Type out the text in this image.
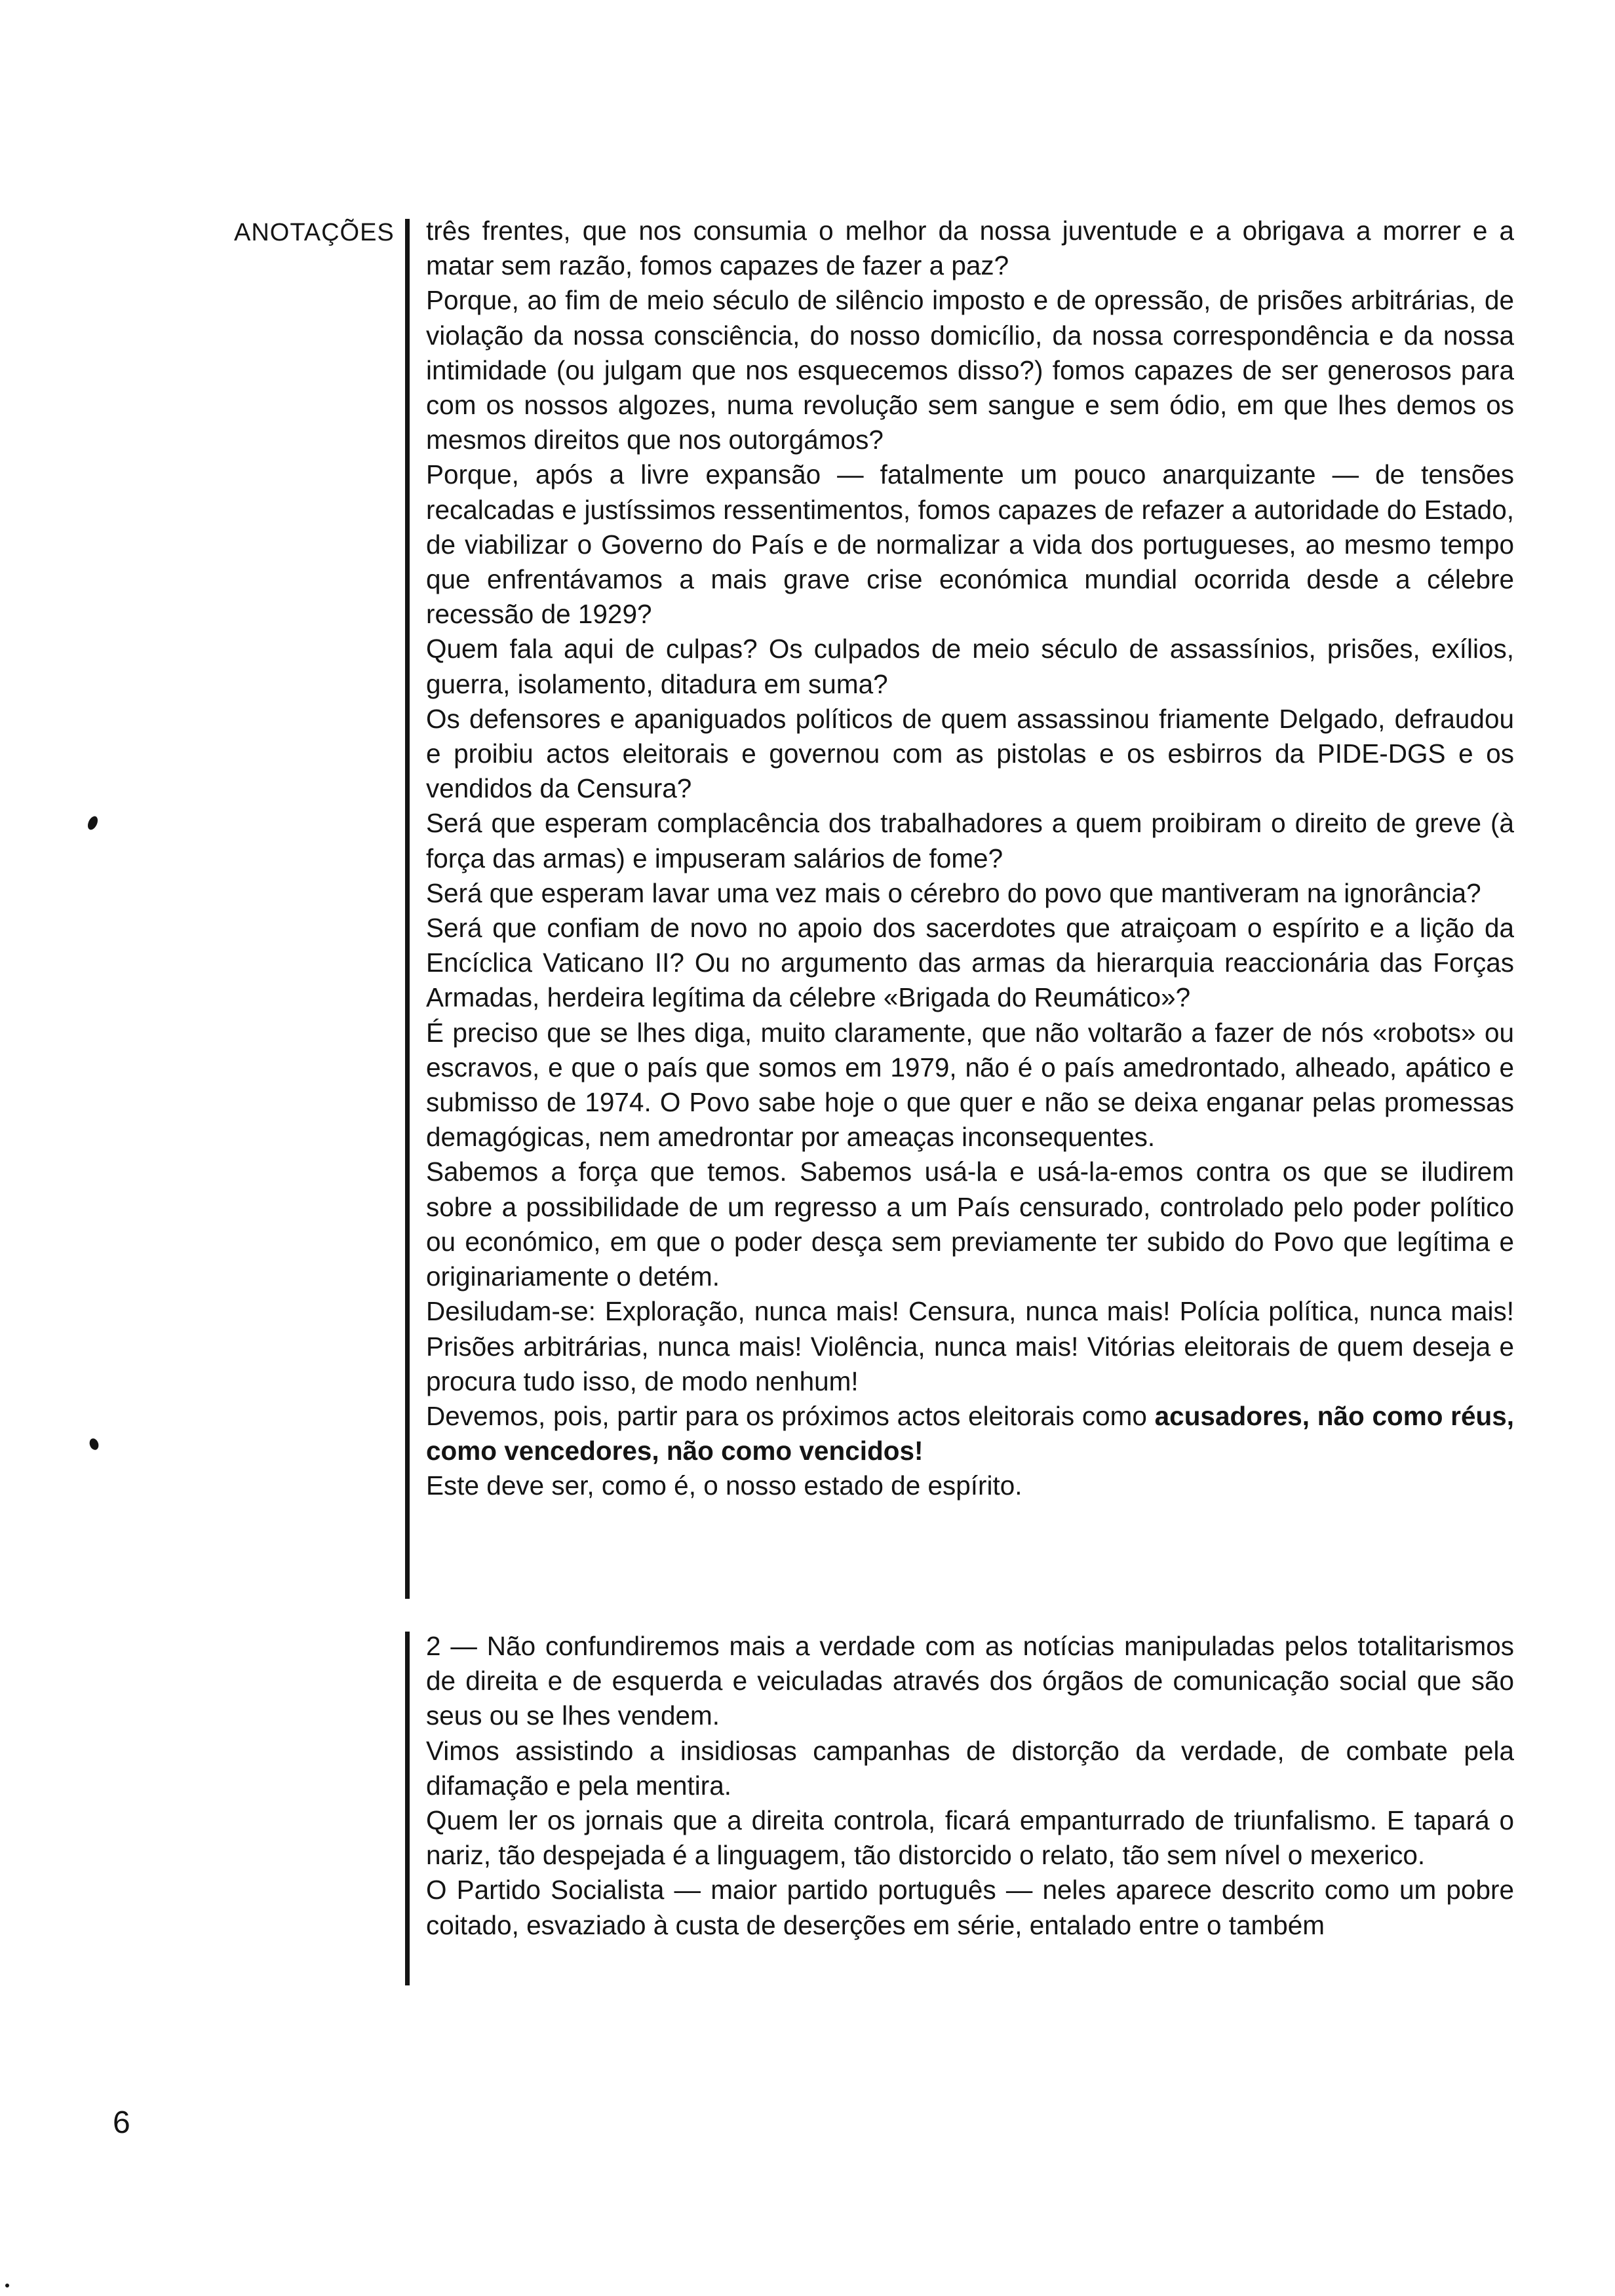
ANOTAÇÕES três frentes, que nos consumia o melhor da nossa juventude e a obrigava a morrer e a matar sem razão, fomos capazes de fazer a paz?

Porque, ao fim de meio século de silêncio imposto e de opressão, de prisões arbitrárias, de violação da nossa consciência, do nosso domicílio, da nossa correspondência e da nossa intimidade (ou julgam que nos esquecemos disso?) fomos capazes de ser generosos para com os nossos algozes, numa revolução sem sangue e sem ódio, em que lhes demos os mesmos direitos que nos outorgámos?

Porque, após a livre expansão — fatalmente um pouco anarquizante — de tensões recalcadas e justíssimos ressentimentos, fomos capazes de refazer a autoridade do Estado, de viabilizar o Governo do País e de normalizar a vida dos portugueses, ao mesmo tempo que enfrentávamos a mais grave crise económica mundial ocorrida desde a célebre recessão de 1929?

Quem fala aqui de culpas? Os culpados de meio século de assassínios, prisões, exílios, guerra, isolamento, ditadura em suma?

Os defensores e apaniguados políticos de quem assassinou friamente Delgado, defraudou e proibiu actos eleitorais e governou com as pistolas e os esbirros da PIDE-DGS e os vendidos da Censura?

Será que esperam complacência dos trabalhadores a quem proibiram o direito de greve (à força das armas) e impuseram salários de fome?

Será que esperam lavar uma vez mais o cérebro do povo que mantiveram na ignorância?

Será que confiam de novo no apoio dos sacerdotes que atraiçoam o espírito e a lição da Encíclica Vaticano II? Ou no argumento das armas da hierarquia reaccionária das Forças Armadas, herdeira legítima da célebre «Brigada do Reumático»?

É preciso que se lhes diga, muito claramente, que não voltarão a fazer de nós «robots» ou escravos, e que o país que somos em 1979, não é o país amedrontado, alheado, apático e submisso de 1974. O Povo sabe hoje o que quer e não se deixa enganar pelas promessas demagógicas, nem amedrontar por ameaças inconsequentes.

Sabemos a força que temos. Sabemos usá-la e usá-la-emos contra os que se iludirem sobre a possibilidade de um regresso a um País censurado, controlado pelo poder político ou económico, em que o poder desça sem previamente ter subido do Povo que legítima e originariamente o detém.

Desiludam-se: Exploração, nunca mais! Censura, nunca mais! Polícia política, nunca mais! Prisões arbitrárias, nunca mais! Violência, nunca mais! Vitórias eleitorais de quem deseja e procura tudo isso, de modo nenhum!

Devemos, pois, partir para os próximos actos eleitorais como acusadores, não como réus, como vencedores, não como vencidos!

Este deve ser, como é, o nosso estado de espírito.

2 — Não confundiremos mais a verdade com as notícias manipuladas pelos totalitarismos de direita e de esquerda e veiculadas através dos órgãos de comunicação social que são seus ou se lhes vendem.

Vimos assistindo a insidiosas campanhas de distorção da verdade, de combate pela difamação e pela mentira.

Quem ler os jornais que a direita controla, ficará empanturrado de triunfalismo. E tapará o nariz, tão despejada é a linguagem, tão distorcido o relato, tão sem nível o mexerico.

O Partido Socialista — maior partido português — neles aparece descrito como um pobre coitado, esvaziado à custa de deserções em série, entalado entre o também

6
